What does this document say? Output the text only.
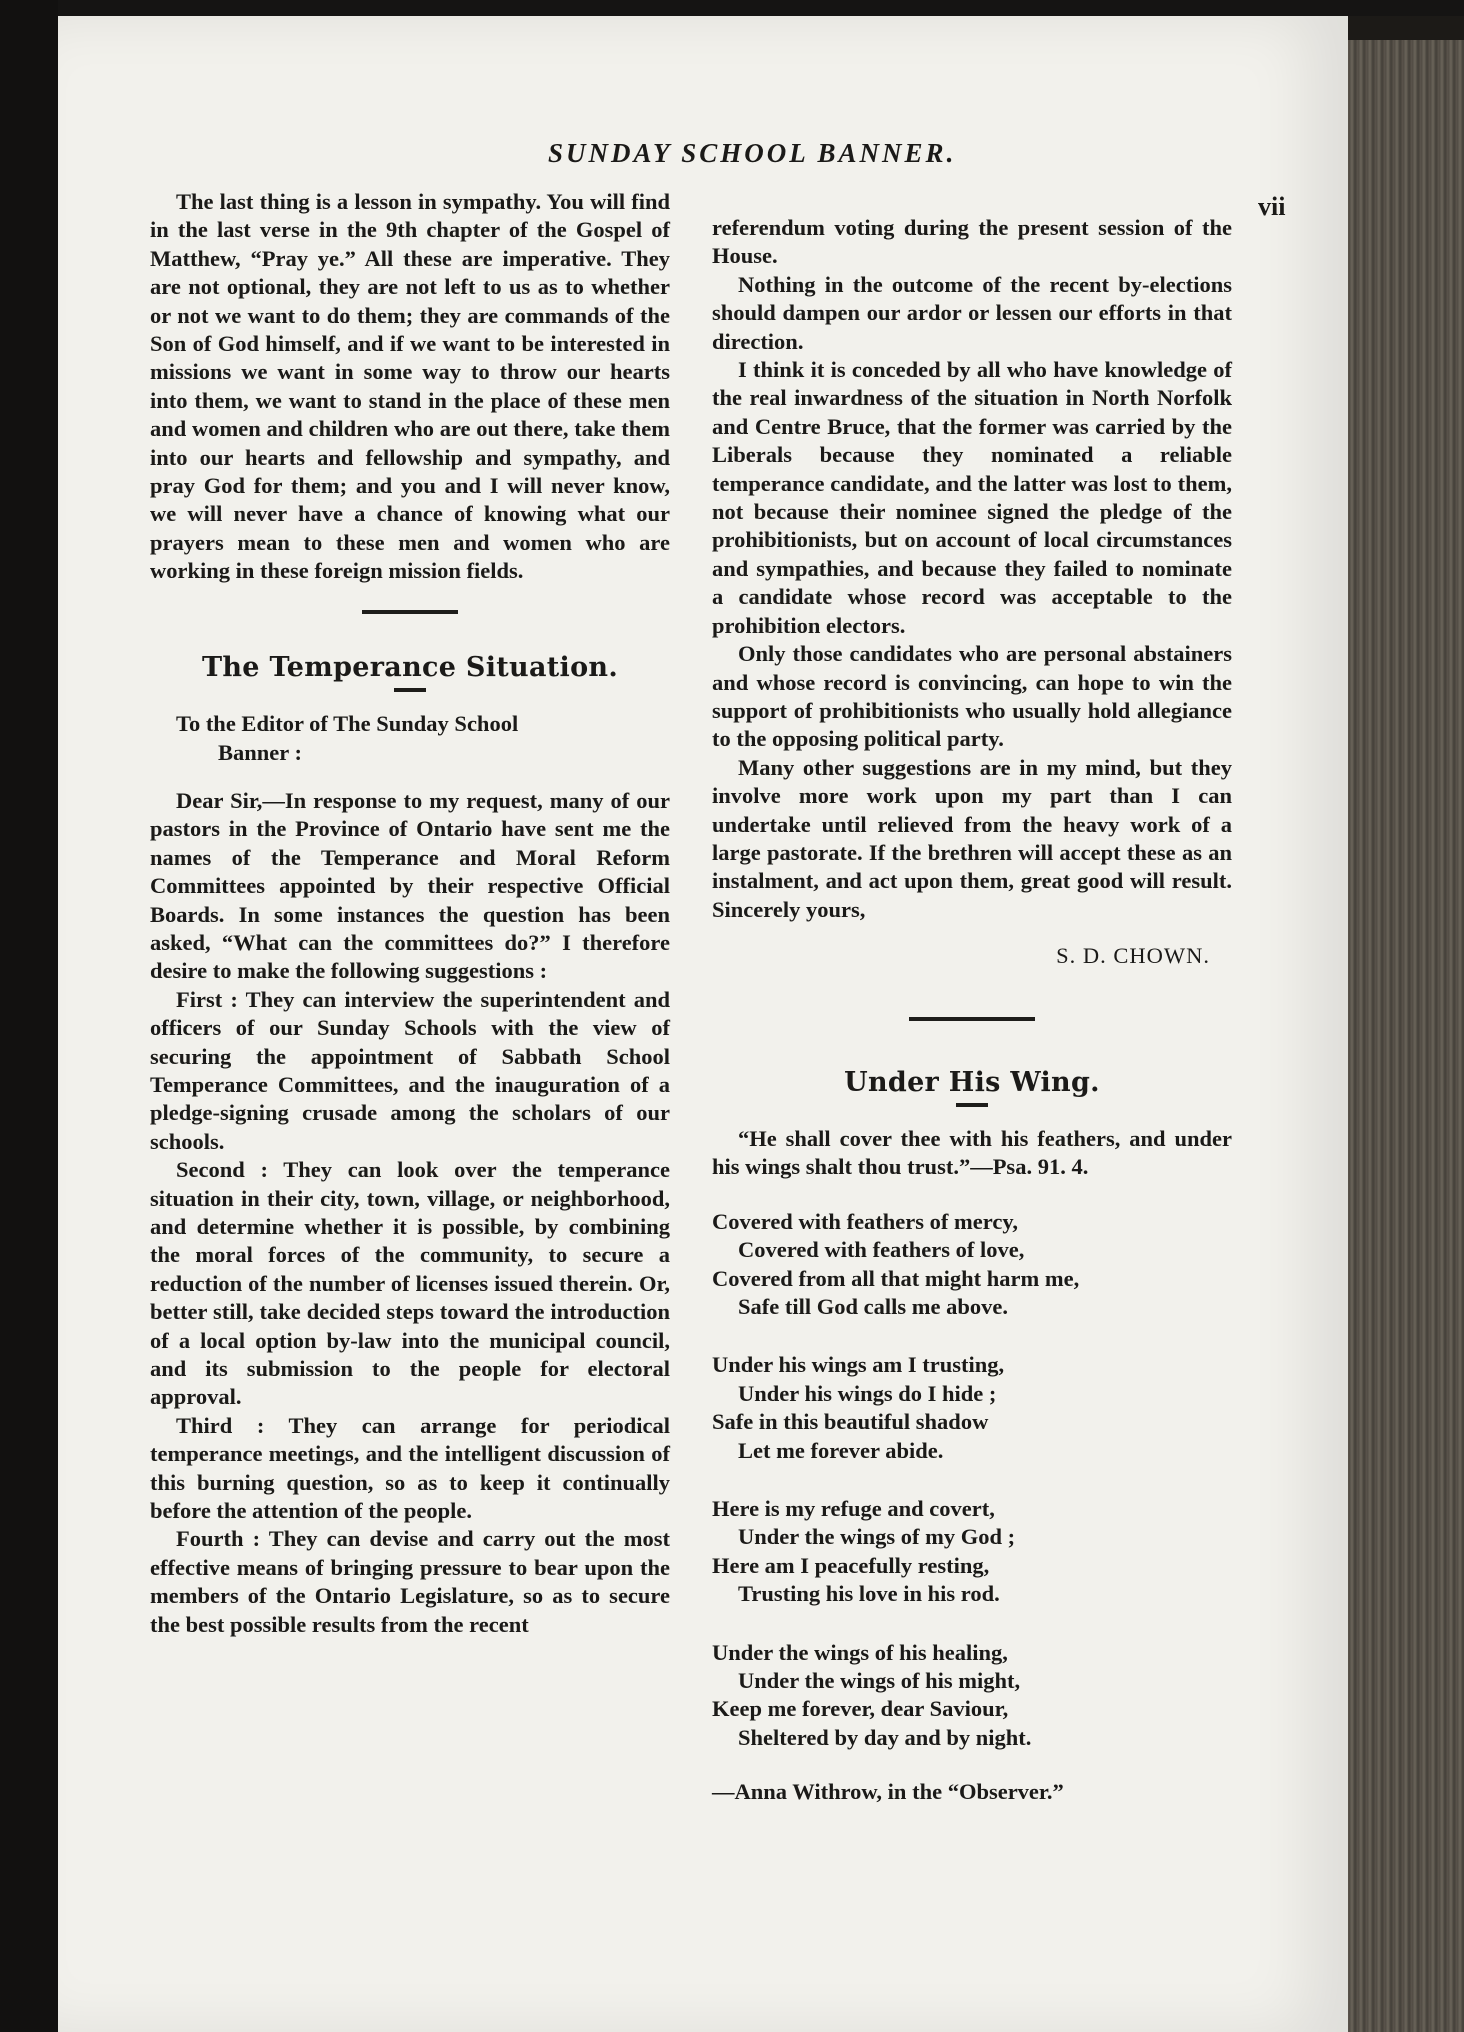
SUNDAY SCHOOL BANNER.
vii

The last thing is a lesson in sympathy. You will find in the last verse in the 9th chapter of the Gospel of Matthew, “Pray ye.” All these are imperative. They are not optional, they are not left to us as to whether or not we want to do them; they are commands of the Son of God himself, and if we want to be interested in missions we want in some way to throw our hearts into them, we want to stand in the place of these men and women and children who are out there, take them into our hearts and fellowship and sympathy, and pray God for them; and you and I will never know, we will never have a chance of knowing what our prayers mean to these men and women who are working in these foreign mission fields.

The Temperance Situation.

To the Editor of The Sunday School
Banner :

Dear Sir,—In response to my request, many of our pastors in the Province of Ontario have sent me the names of the Temperance and Moral Reform Committees appointed by their respective Official Boards. In some instances the question has been asked, “What can the committees do?” I therefore desire to make the following suggestions :

First : They can interview the superintendent and officers of our Sunday Schools with the view of securing the appointment of Sabbath School Temperance Committees, and the inauguration of a pledge-signing crusade among the scholars of our schools.

Second : They can look over the temperance situation in their city, town, village, or neighborhood, and determine whether it is possible, by combining the moral forces of the community, to secure a reduction of the number of licenses issued therein. Or, better still, take decided steps toward the introduction of a local option by-law into the municipal council, and its submission to the people for electoral approval.

Third : They can arrange for periodical temperance meetings, and the intelligent discussion of this burning question, so as to keep it continually before the attention of the people.

Fourth : They can devise and carry out the most effective means of bringing pressure to bear upon the members of the Ontario Legislature, so as to secure the best possible results from the recent

referendum voting during the present session of the House.

Nothing in the outcome of the recent by-elections should dampen our ardor or lessen our efforts in that direction.

I think it is conceded by all who have knowledge of the real inwardness of the situation in North Norfolk and Centre Bruce, that the former was carried by the Liberals because they nominated a reliable temperance candidate, and the latter was lost to them, not because their nominee signed the pledge of the prohibitionists, but on account of local circumstances and sympathies, and because they failed to nominate a candidate whose record was acceptable to the prohibition electors.

Only those candidates who are personal abstainers and whose record is convincing, can hope to win the support of prohibitionists who usually hold allegiance to the opposing political party.

Many other suggestions are in my mind, but they involve more work upon my part than I can undertake until relieved from the heavy work of a large pastorate. If the brethren will accept these as an instalment, and act upon them, great good will result. Sincerely yours,

S. D. CHOWN.
Under His Wing.

“He shall cover thee with his feathers, and under his wings shalt thou trust.”—Psa. 91. 4.

Covered with feathers of mercy,
Covered with feathers of love,
Covered from all that might harm me,
Safe till God calls me above.
Under his wings am I trusting,
Under his wings do I hide ;
Safe in this beautiful shadow
Let me forever abide.
Here is my refuge and covert,
Under the wings of my God ;
Here am I peacefully resting,
Trusting his love in his rod.
Under the wings of his healing,
Under the wings of his might,
Keep me forever, dear Saviour,
Sheltered by day and by night.
—Anna Withrow, in the “Observer.”
